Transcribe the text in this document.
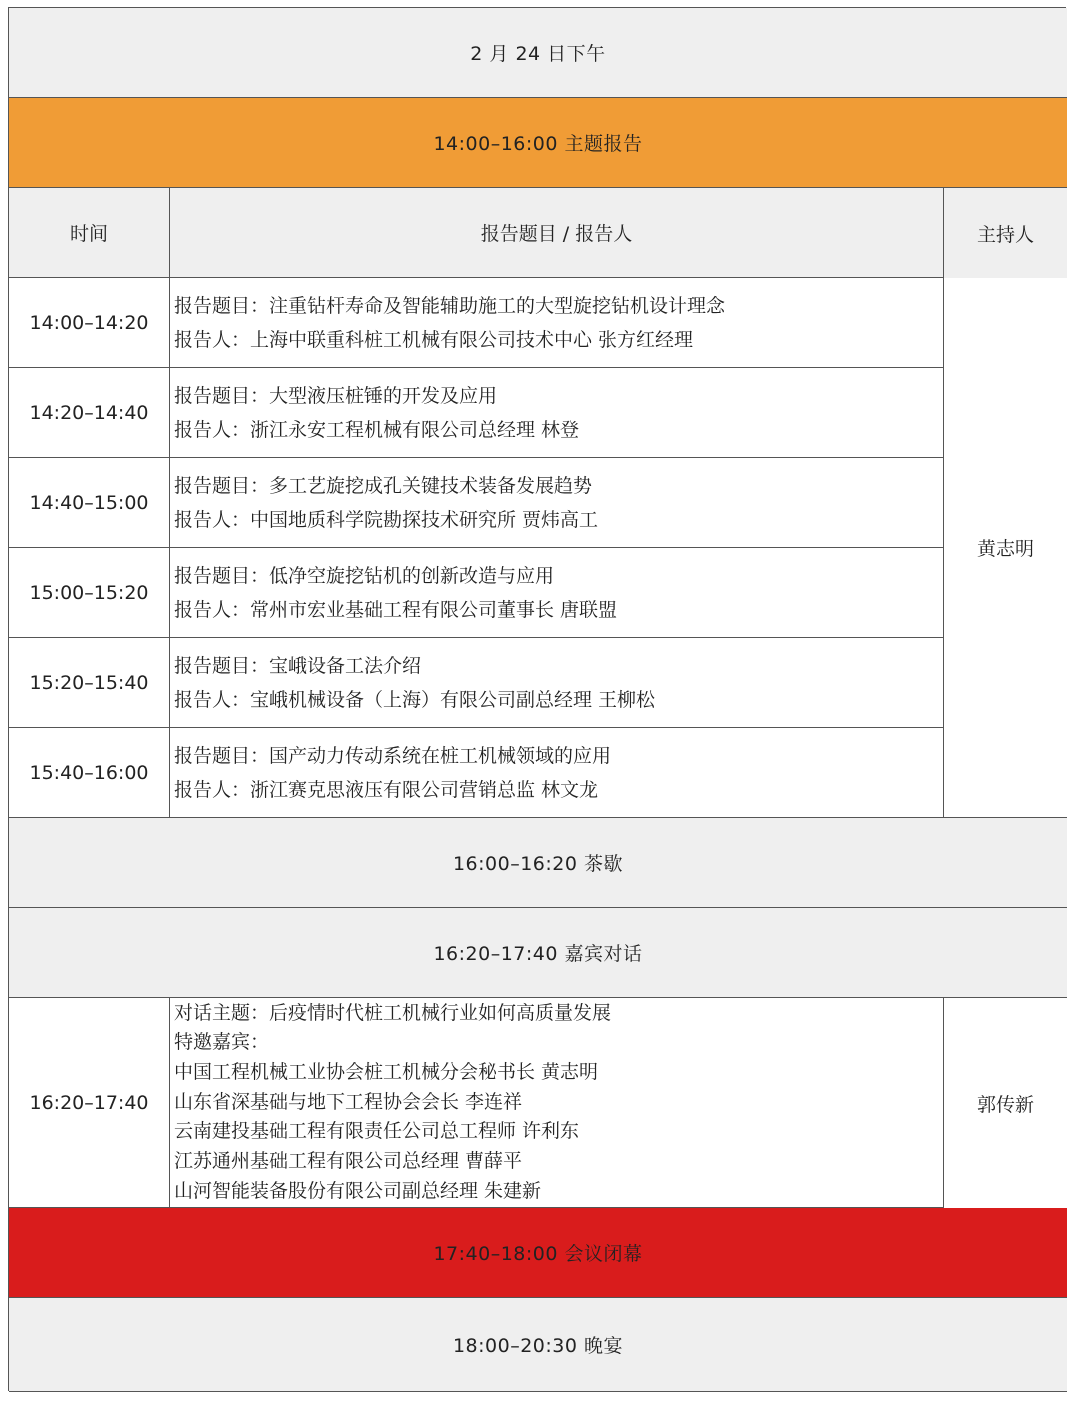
2 月 24 日下午
14:00–16:00 主题报告
时间	报告题目 / 报告人	主持人
14:00–14:20
报告题目：注重钻杆寿命及智能辅助施工的大型旋挖钻机设计理念
报告人：上海中联重科桩工机械有限公司技术中心 张方红经理
14:20–14:40
报告题目：大型液压桩锤的开发及应用
报告人：浙江永安工程机械有限公司总经理 林登
14:40–15:00
报告题目：多工艺旋挖成孔关键技术装备发展趋势
报告人：中国地质科学院勘探技术研究所 贾炜高工
15:00–15:20
报告题目：低净空旋挖钻机的创新改造与应用
报告人：常州市宏业基础工程有限公司董事长 唐联盟
15:20–15:40
报告题目：宝峨设备工法介绍
报告人：宝峨机械设备（上海）有限公司副总经理 王柳松
15:40–16:00
报告题目：国产动力传动系统在桩工机械领域的应用
报告人：浙江赛克思液压有限公司营销总监 林文龙
黄志明
16:00–16:20 茶歇
16:20–17:40 嘉宾对话
16:20–17:40
对话主题：后疫情时代桩工机械行业如何高质量发展
特邀嘉宾：
中国工程机械工业协会桩工机械分会秘书长 黄志明
山东省深基础与地下工程协会会长 李连祥
云南建投基础工程有限责任公司总工程师 许利东
江苏通州基础工程有限公司总经理 曹薛平
山河智能装备股份有限公司副总经理 朱建新
郭传新
17:40–18:00 会议闭幕
18:00–20:30 晚宴
